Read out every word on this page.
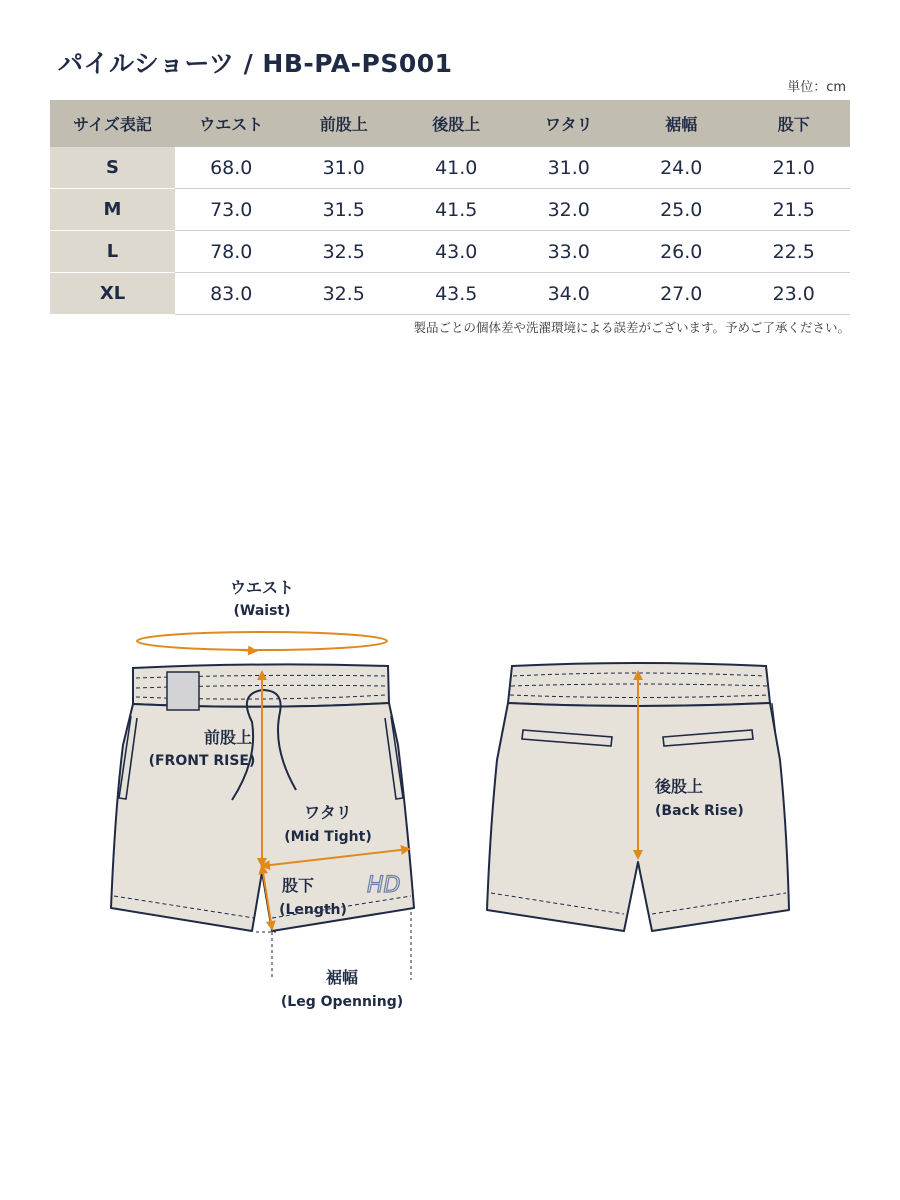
パイルショーツ / HB-PA-PS001
単位：cm
サイズ表記	ウエスト	前股上	後股上	ワタリ	裾幅	股下
S	68.0	31.0	41.0	31.0	24.0	21.0
M	73.0	31.5	41.5	32.0	25.0	21.5
L	78.0	32.5	43.0	33.0	26.0	22.5
XL	83.0	32.5	43.5	34.0	27.0	23.0
製品ごとの個体差や洗濯環境による誤差がございます。予めご了承ください。
HD
ウエスト
(Waist)
前股上
(FRONT RISE)
ワタリ
(Mid Tight)
股下
(Length)
裾幅
(Leg Openning)
後股上
(Back Rise)
